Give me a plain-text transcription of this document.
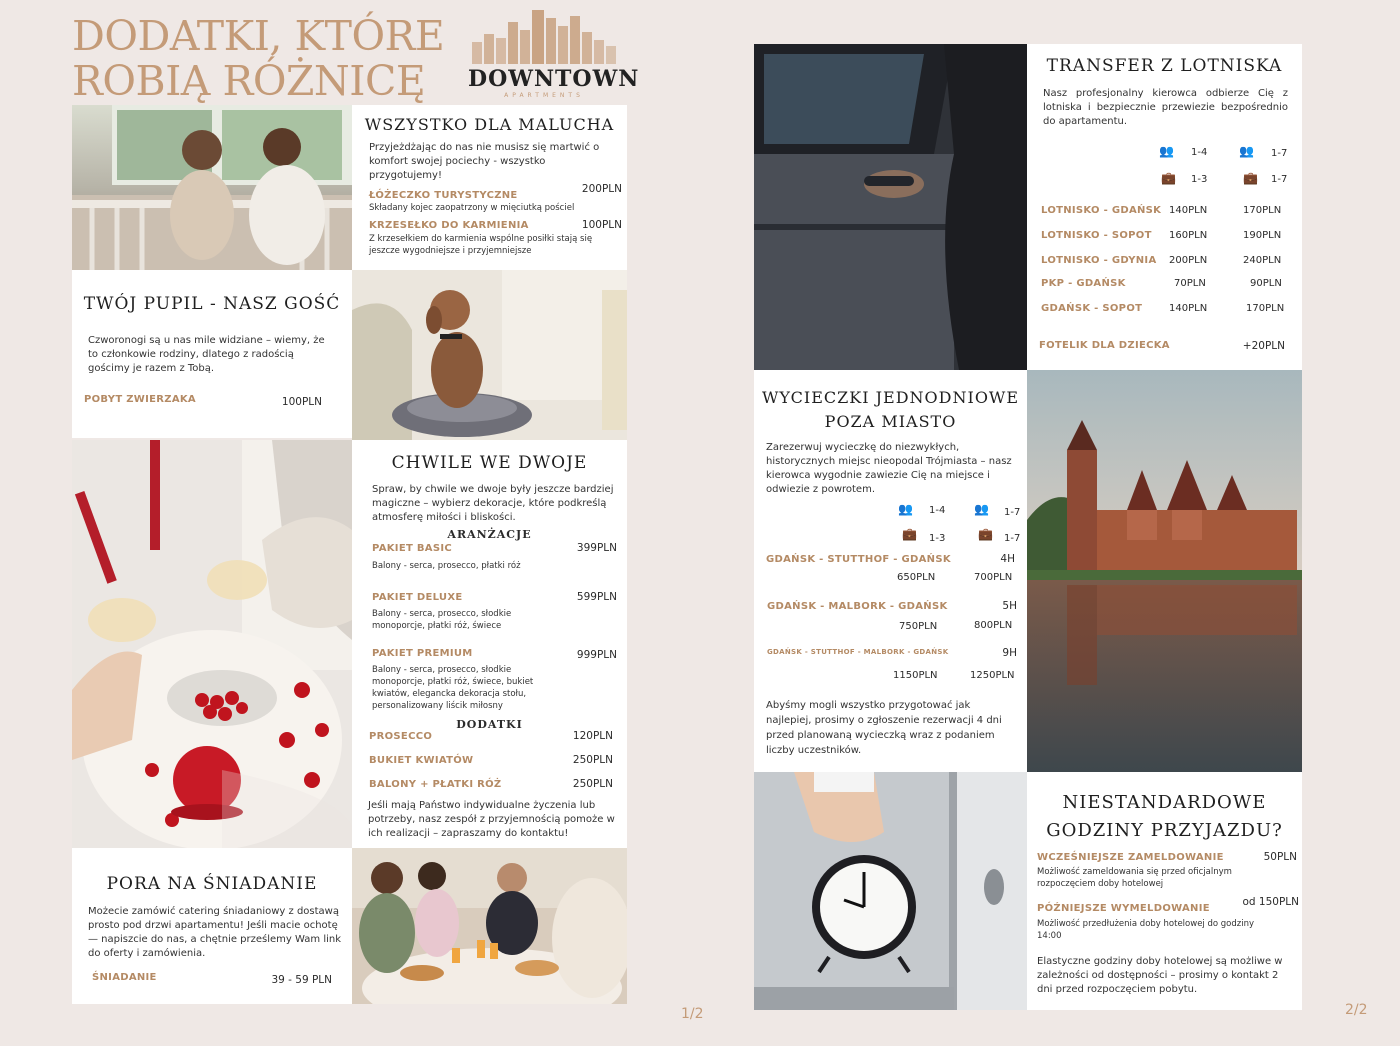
DODATKI, KTÓRE
ROBIĄ RÓŻNICĘ	DOWNTOWN
APARTMENTS
WSZYSTKO DLA MALUCHA
Przyjeżdżając do nas nie musisz się martwić o komfort swojej pociechy - wszystko przygotujemy!
ŁÓŻECZKO TURYSTYCZNE
200PLN
Składany kojec zaopatrzony w mięciutką pościel
KRZESEŁKO DO KARMIENIA	100PLN
Z krzesełkiem do karmienia wspólne posiłki stają się jeszcze wygodniejsze i przyjemniejsze
TWÓJ PUPIL - NASZ GOŚĆ
Czworonogi są u nas mile widziane – wiemy, że to członkowie rodziny, dlatego z radością gościmy je razem z Tobą.
POBYT ZWIERZAKA	100PLN
CHWILE WE DWOJE
Spraw, by chwile we dwoje były jeszcze bardziej magiczne – wybierz dekoracje, które podkreślą atmosferę miłości i bliskości.
ARANŻACJE
PAKIET BASIC	399PLN
Balony - serca, prosecco, płatki róż
PAKIET DELUXE	599PLN
Balony - serca, prosecco, słodkie monoporcje, płatki róż, świece
PAKIET PREMIUM	999PLN
Balony - serca, prosecco, słodkie monoporcje, płatki róż, świece, bukiet kwiatów, elegancka dekoracja stołu, personalizowany liścik miłosny
DODATKI
PROSECCO	120PLN
BUKIET KWIATÓW	250PLN
BALONY + PŁATKI RÓŻ	250PLN
Jeśli mają Państwo indywidualne życzenia lub potrzeby, nasz zespół z przyjemnością pomoże w ich realizacji – zapraszamy do kontaktu!
PORA NA ŚNIADANIE
Możecie zamówić catering śniadaniowy z dostawą prosto pod drzwi apartamentu! Jeśli macie ochotę — napiszcie do nas, a chętnie prześlemy Wam link do oferty i zamówienia.
ŚNIADANIE	39 - 59 PLN
1/2
TRANSFER Z LOTNISKA
Nasz profesjonalny kierowca odbierze Cię z lotniska i bezpiecznie przewiezie bezpośrednio do apartamentu.
👥 1-4	👥 1-7
💼 1-3	💼 1-7
LOTNISKO - GDAŃSK 140PLN	170PLN
LOTNISKO - SOPOT 160PLN	190PLN
LOTNISKO - GDYNIA 200PLN	240PLN
PKP - GDAŃSK	70PLN	90PLN
GDAŃSK - SOPOT	140PLN	170PLN
FOTELIK DLA DZIECKA	+20PLN
WYCIECZKI JEDNODNIOWE
POZA MIASTO
Zarezerwuj wycieczkę do niezwykłych, historycznych miejsc nieopodal Trójmiasta – nasz kierowca wygodnie zawiezie Cię na miejsce i odwiezie z powrotem.
👥 1-4 👥 1-7
💼 1-3	💼 1-7
GDAŃSK - STUTTHOF - GDAŃSK	4H
650PLN	700PLN
GDAŃSK - MALBORK - GDAŃSK	5H
750PLN	800PLN
GDAŃSK - STUTTHOF - MALBORK - GDAŃSK	9H
1150PLN	1250PLN
Abyśmy mogli wszystko przygotować jak najlepiej, prosimy o zgłoszenie rezerwacji 4 dni przed planowaną wycieczką wraz z podaniem liczby uczestników.
NIESTANDARDOWE
GODZINY PRZYJAZDU?
WCZEŚNIEJSZE ZAMELDOWANIE	50PLN
Możliwość zameldowania się przed oficjalnym rozpoczęciem doby hotelowej
PÓŹNIEJSZE WYMELDOWANIE
od 150PLN
Możliwość przedłużenia doby hotelowej do godziny 14:00
Elastyczne godziny doby hotelowej są możliwe w zależności od dostępności – prosimy o kontakt 2 dni przed rozpoczęciem pobytu.
2/2
